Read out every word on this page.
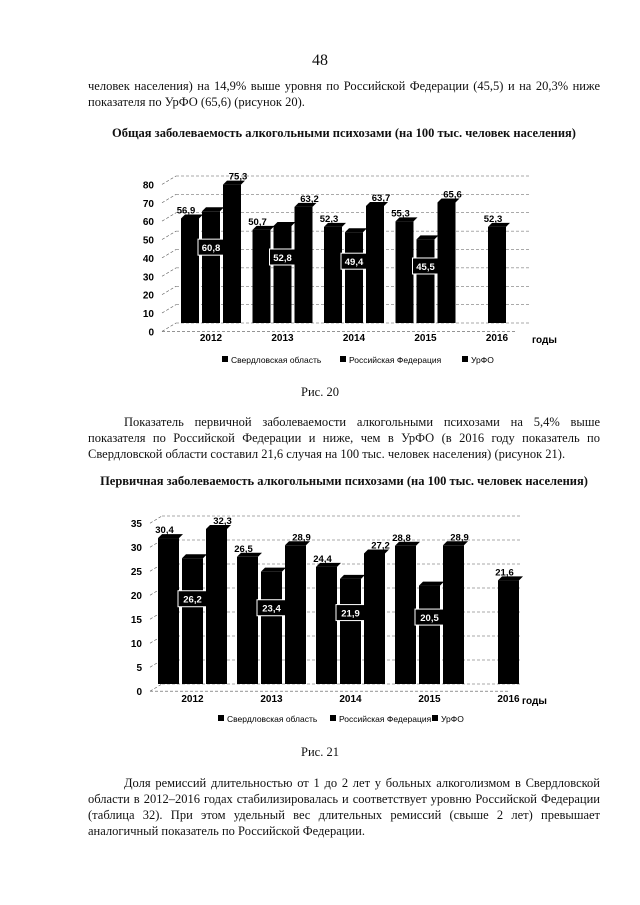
48
человек населения) на 14,9% выше уровня по Российской Федерации (45,5) и на 20,3% ниже показателя по УрФО (65,6) (рисунок 20).
Общая заболеваемость алкогольными психозами (на 100 тыс. человек населения)
0
10
20
30
40
50
60
70
80
56,9
60,8
75,3
2012
50,7
52,8
63,2
2013
52,3
49,4
63,7
2014
55,3
45,5
65,6
2015
52,3
2016 годы
Свердловская область	Российская Федерация	УрФО
Рис. 20
Показатель первичной заболеваемости алкогольными психозами на 5,4% выше показателя по Российской Федерации и ниже, чем в УрФО (в 2016 году показатель по Свердловской области составил 21,6 случая на 100 тыс. человек населения) (рисунок 21).
Первичная заболеваемость алкогольными психозами (на 100 тыс. человек населения)
0
5
10
15
20
25
30
35
30,4
26,2
32,3
2012
26,5
23,4
28,9
2013
24,4
21,9
27,2
2014
28,8
20,5
28,9
2015
21,6
2016 годы
Свердловская область	Российская Федерация УрФО
Рис. 21
Доля ремиссий длительностью от 1 до 2 лет у больных алкоголизмом в Свердловской области в 2012–2016 годах стабилизировалась и соответствует уровню Российской Федерации (таблица 32). При этом удельный вес длительных ремиссий (свыше 2 лет) превышает аналогичный показатель по Российской Федерации.
